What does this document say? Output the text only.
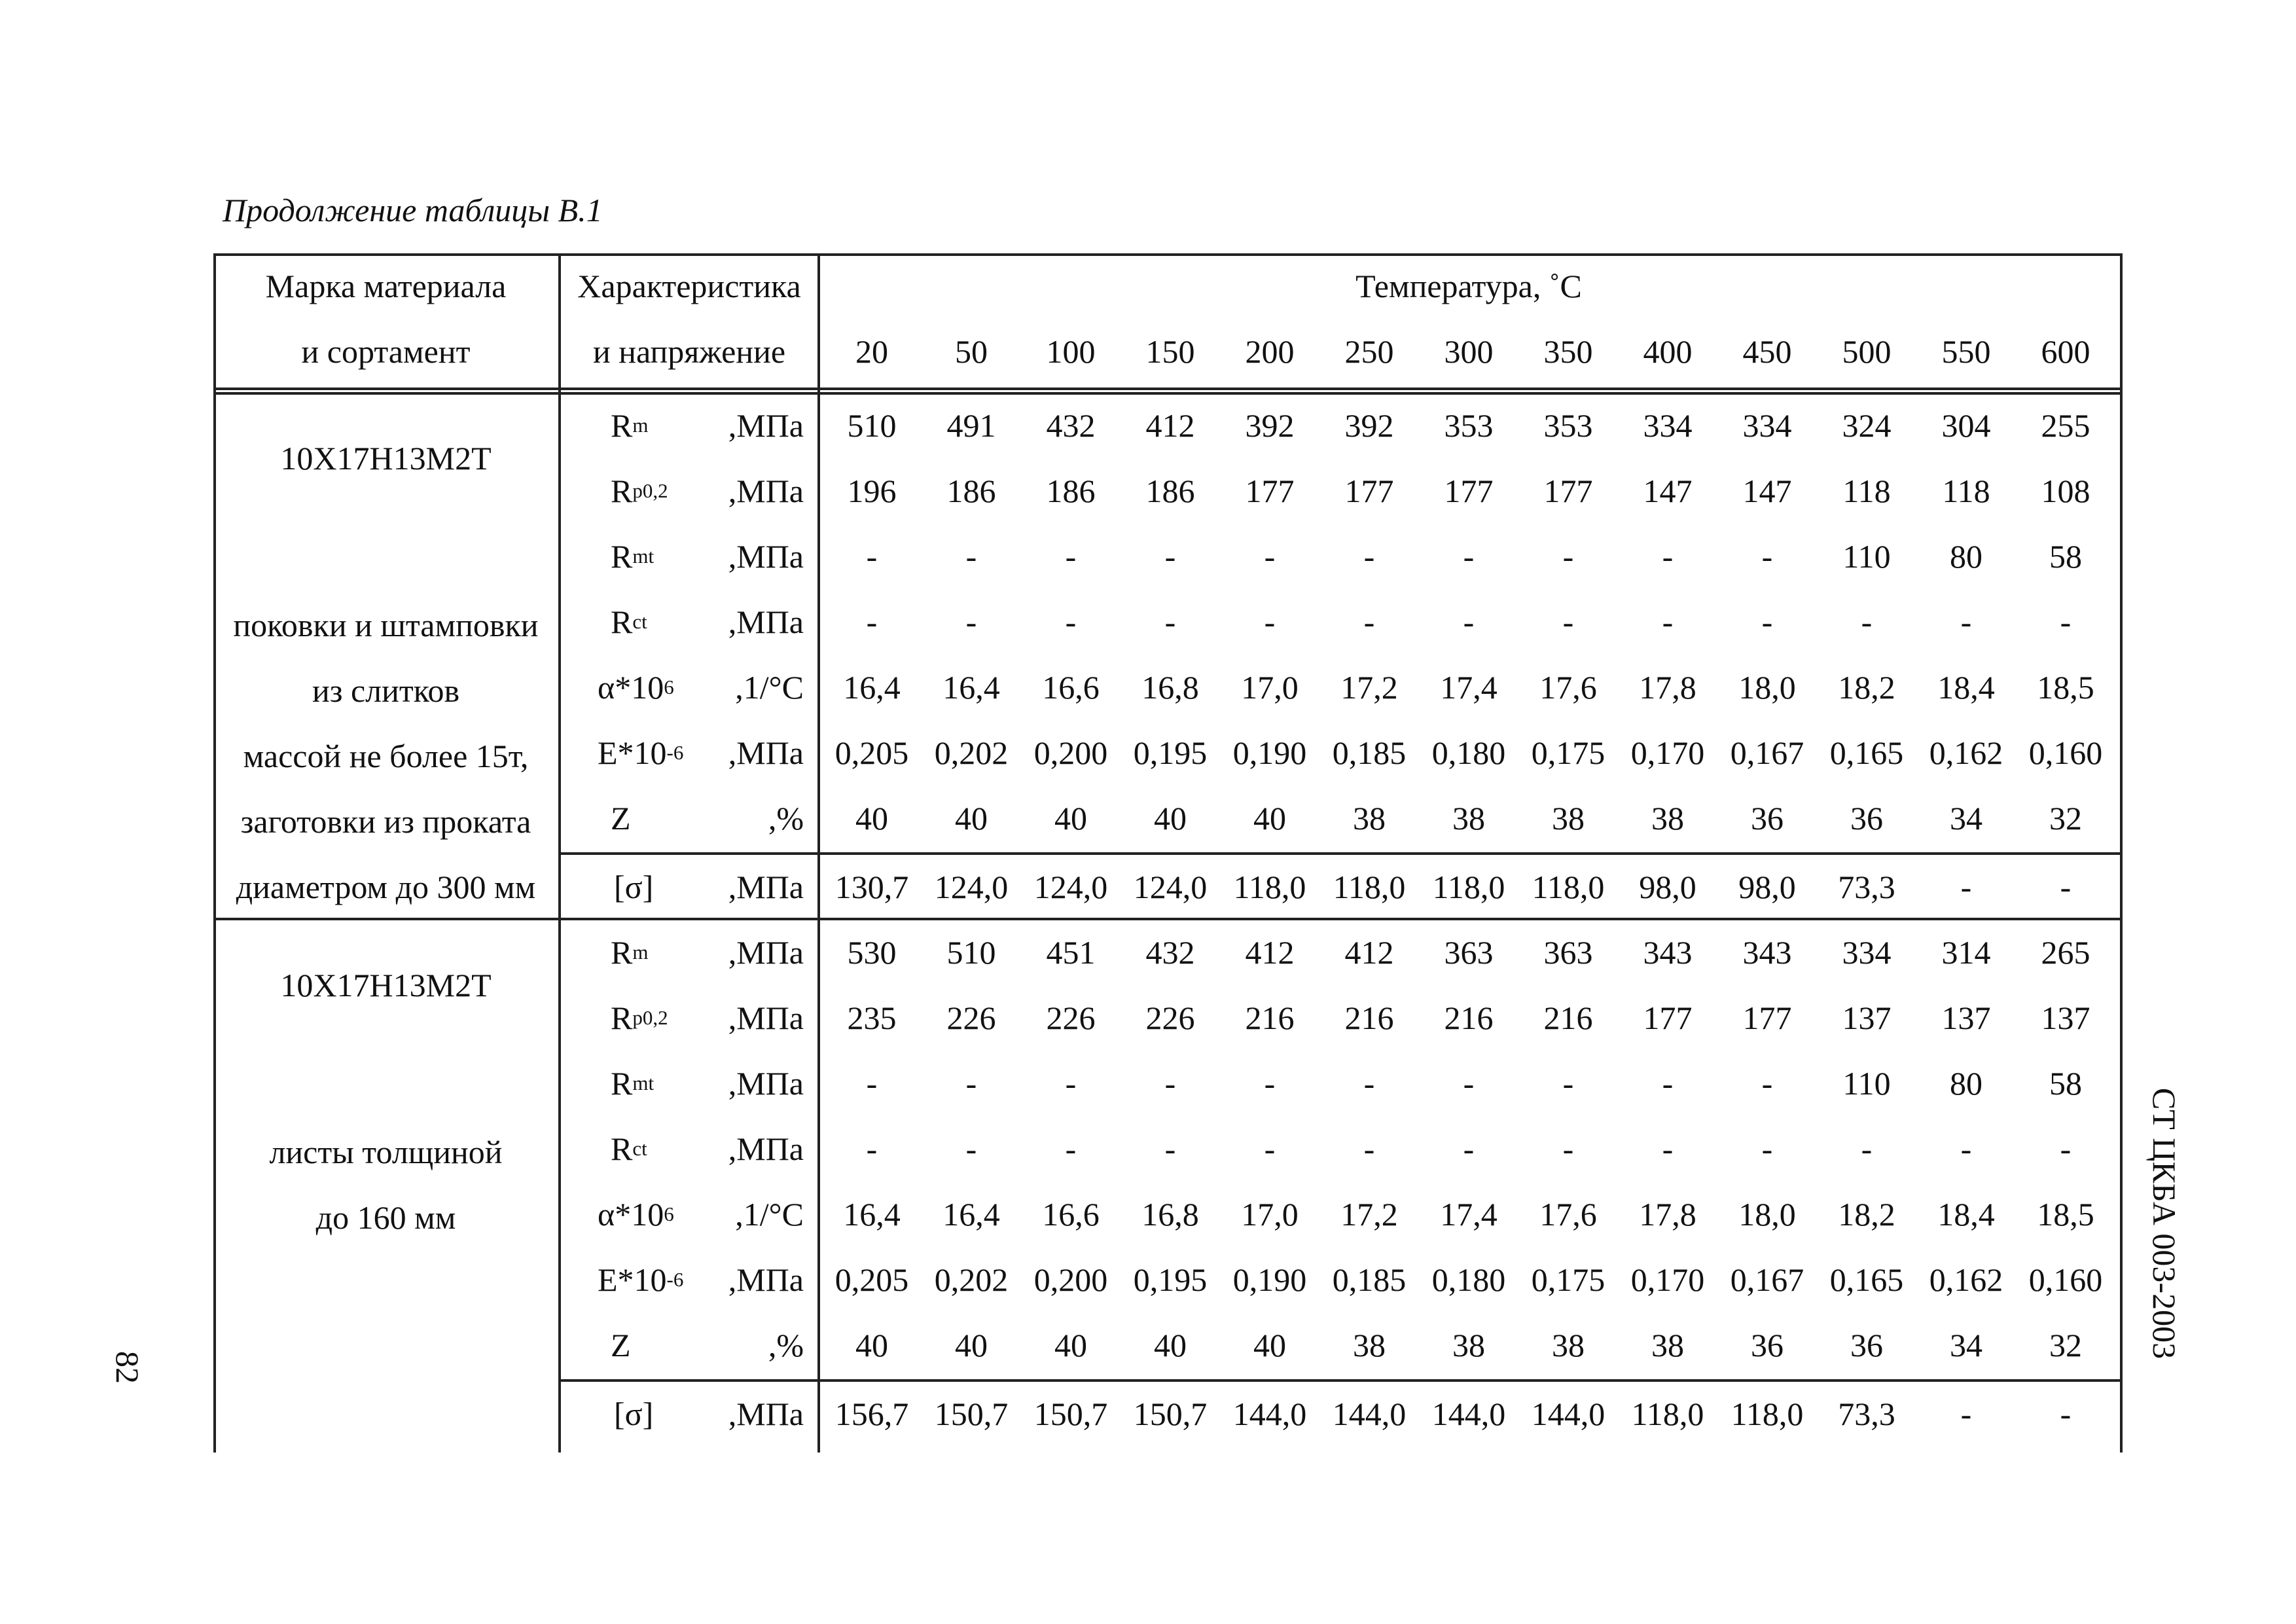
Продолжение таблицы В.1
Марка материала
и сортамент
Характеристика
и напряжение
Температура, ˚С
20	50	100	150	200	250	300	350	400	450	500	550	600
10Х17Н13М2Т
поковки и штамповки
из слитков
массой не более 15т,
заготовки из проката
диаметром до 300 мм
R m	,МПа	510	491	432	412	392	392	353	353	334	334	324	304	255
R p0,2	,МПа	196	186	186	186	177	177	177	177	147	147	118	118	108
R mt	,МПа	-	-	-	-	-	-	-	-	-	-	110	80	58
R ct	,МПа	-	-	-	-	-	-	-	-	-	-	-	-	-
α*10 6	,1/°С	16,4	16,4	16,6	16,8	17,0	17,2	17,4	17,6	17,8	18,0	18,2	18,4	18,5
E*10 -6	,МПа 0,205 0,202 0,200 0,195 0,190 0,185 0,180 0,175 0,170 0,167 0,165 0,162 0,160
Z	,%	40	40	40	40	40	38	38	38	38	36	36	34	32
[σ]	,МПа 130,7 124,0 124,0 124,0 118,0 118,0 118,0 118,0	98,0	98,0	73,3	-	-
10Х17Н13М2Т
листы толщиной
до 160 мм
R m	,МПа	530	510	451	432	412	412	363	363	343	343	334	314	265
R p0,2	,МПа	235	226	226	226	216	216	216	216	177	177	137	137	137
R mt	,МПа	-	-	-	-	-	-	-	-	-	-	110	80	58
R ct	,МПа	-	-	-	-	-	-	-	-	-	-	-	-	-
α*10 6	,1/°С	16,4	16,4	16,6	16,8	17,0	17,2	17,4	17,6	17,8	18,0	18,2	18,4	18,5
E*10 -6	,МПа 0,205 0,202 0,200 0,195 0,190 0,185 0,180 0,175 0,170 0,167 0,165 0,162 0,160
Z	,%	40	40	40	40	40	38	38	38	38	36	36	34	32
[σ]	,МПа 156,7 150,7 150,7 150,7 144,0 144,0 144,0 144,0 118,0 118,0	73,3	-	-
82
СТ ЦКБА 003-2003
